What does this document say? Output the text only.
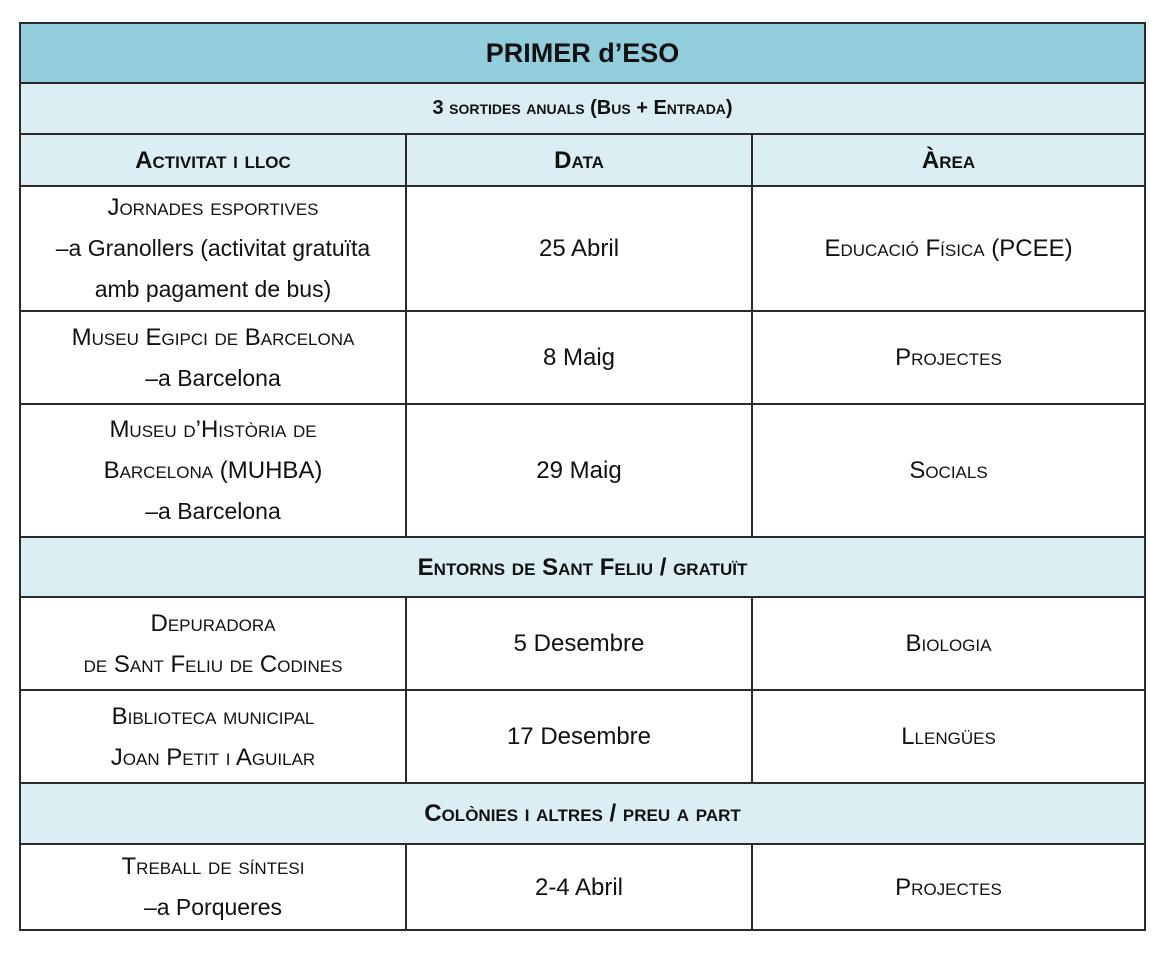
PRIMER d’ESO		
3 sortides anuals (Bus + Entrada)		
Activitat i lloc	Data	Àrea

Jornades esportives
–a Granollers (activitat gratuïta
amb pagament de bus)	25 Abril	Educació Física (PCEE)

Museu Egipci de Barcelona
–a Barcelona	8 Maig	Projectes

Museu d’Història de
Barcelona (MUHBA)
–a Barcelona	29 Maig	Socials
Entorns de Sant Feliu / gratuït		

Depuradora
de Sant Feliu de Codines	5 Desembre	Biologia

Biblioteca municipal
Joan Petit i Aguilar	17 Desembre	Llengües
Colònies i altres / preu a part		

Treball de síntesi
–a Porqueres	2-4 Abril	Projectes
